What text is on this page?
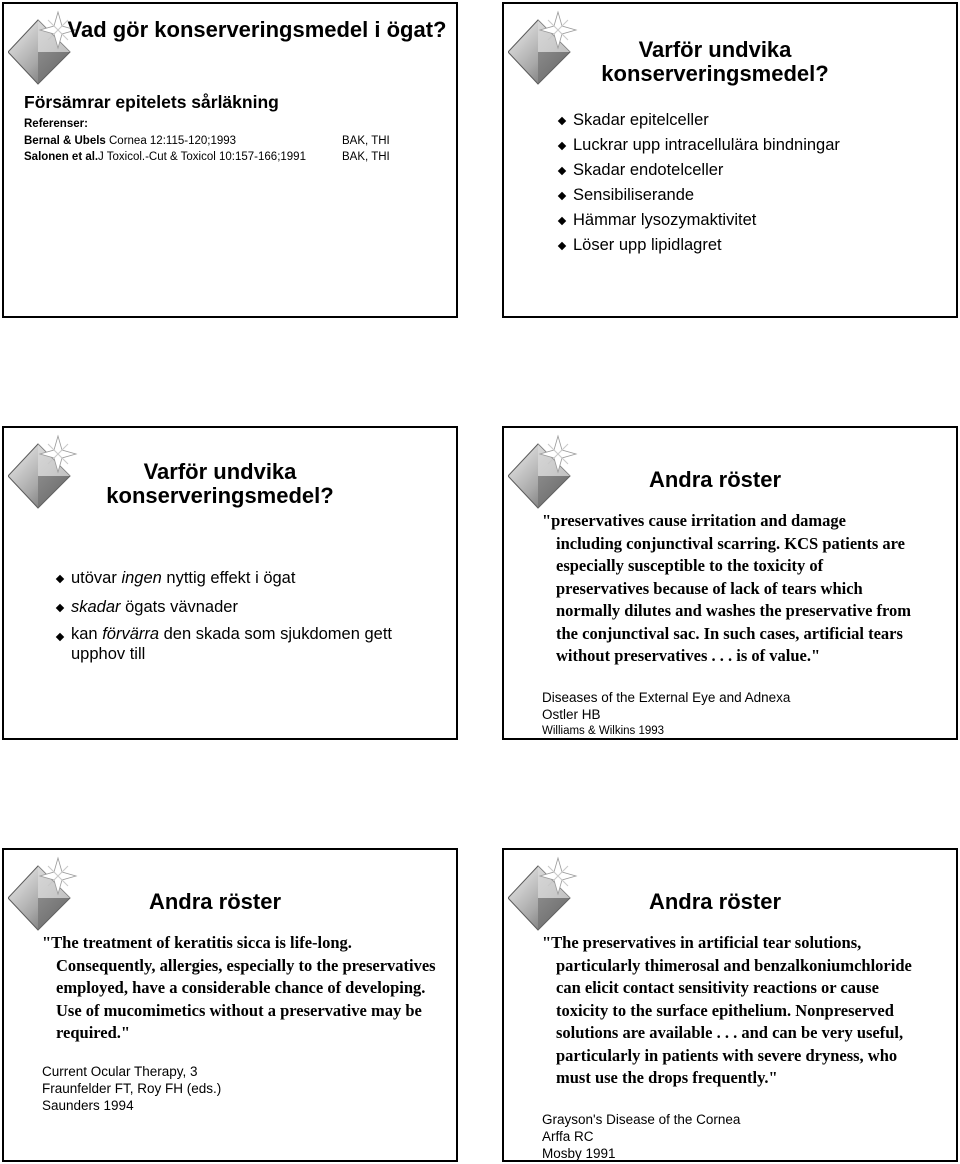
Vad gör konserveringsmedel i ögat?
Försämrar epitelets sårläkning
Referenser:
Bernal & Ubels Cornea 12:115-120;1993	BAK, THI
Salonen et al. J Toxicol.-Cut & Toxicol 10:157-166;1991	BAK, THI
Varför undvika konserveringsmedel?
Skadar epitelceller
Luckrar upp intracellulära bindningar
Skadar endotelceller
Sensibiliserande
Hämmar lysozymaktivitet
Löser upp lipidlagret
Varför undvika konserveringsmedel?
utövar ingen nyttig effekt i ögat
skadar ögats vävnader
kan förvärra den skada som sjukdomen gett upphov till
Andra röster

"preservatives cause irritation and damage including conjunctival scarring. KCS patients are especially susceptible to the toxicity of preservatives because of lack of tears which normally dilutes and washes the preservative from the conjunctival sac. In such cases, artificial tears without preservatives . . . is of value."

Diseases of the External Eye and Adnexa
Ostler HB
Williams & Wilkins 1993
Andra röster

"The treatment of keratitis sicca is life-long. Consequently, allergies, especially to the preservatives employed, have a considerable chance of developing. Use of mucomimetics without a preservative may be required."

Current Ocular Therapy, 3
Fraunfelder FT, Roy FH (eds.)
Saunders 1994
Andra röster

"The preservatives in artificial tear solutions, particularly thimerosal and benzalkoniumchloride can elicit contact sensitivity reactions or cause toxicity to the surface epithelium. Nonpreserved solutions are available . . . and can be very useful, particularly in patients with severe dryness, who must use the drops frequently."

Grayson's Disease of the Cornea
Arffa RC
Mosby 1991
